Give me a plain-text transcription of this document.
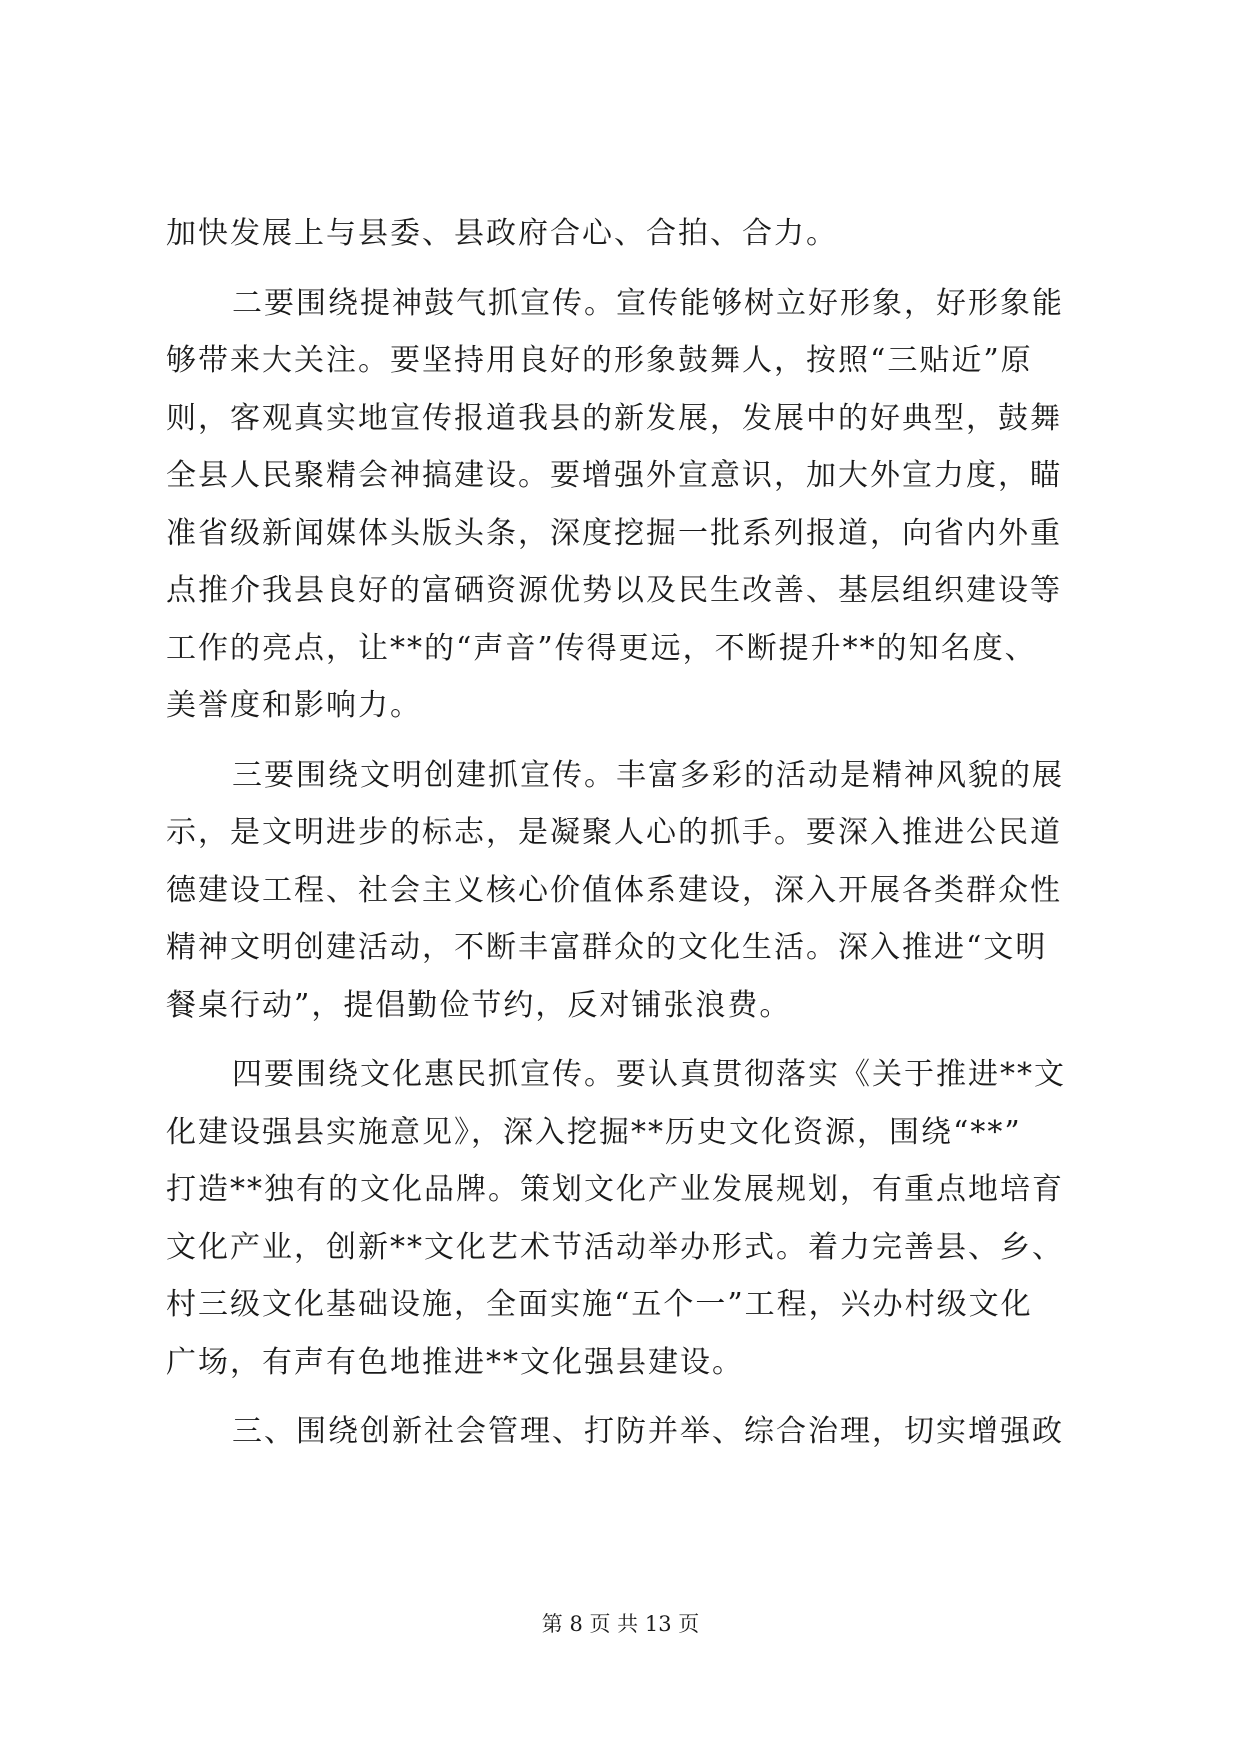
加快发展上与县委、县政府合心、合拍、合力。
二要围绕提神鼓气抓宣传。宣传能够树立好形象，好形象能
够带来大关注。要坚持用良好的形象鼓舞人，按照“三贴近”原
则，客观真实地宣传报道我县的新发展，发展中的好典型，鼓舞
全县人民聚精会神搞建设。要增强外宣意识，加大外宣力度，瞄
准省级新闻媒体头版头条，深度挖掘一批系列报道，向省内外重
点推介我县良好的富硒资源优势以及民生改善、基层组织建设等
工作的亮点，让**的“声音”传得更远，不断提升**的知名度、
美誉度和影响力。
三要围绕文明创建抓宣传。丰富多彩的活动是精神风貌的展
示，是文明进步的标志，是凝聚人心的抓手。要深入推进公民道
德建设工程、社会主义核心价值体系建设，深入开展各类群众性
精神文明创建活动，不断丰富群众的文化生活。深入推进“文明
餐桌行动”，提倡勤俭节约，反对铺张浪费。
四要围绕文化惠民抓宣传。要认真贯彻落实《关于推进**文
化建设强县实施意见》，深入挖掘**历史文化资源，围绕“**”
打造**独有的文化品牌。策划文化产业发展规划，有重点地培育
文化产业，创新**文化艺术节活动举办形式。着力完善县、乡、
村三级文化基础设施，全面实施“五个一”工程，兴办村级文化
广场，有声有色地推进**文化强县建设。
三、围绕创新社会管理、打防并举、综合治理，切实增强政
第 8 页 共 13 页
